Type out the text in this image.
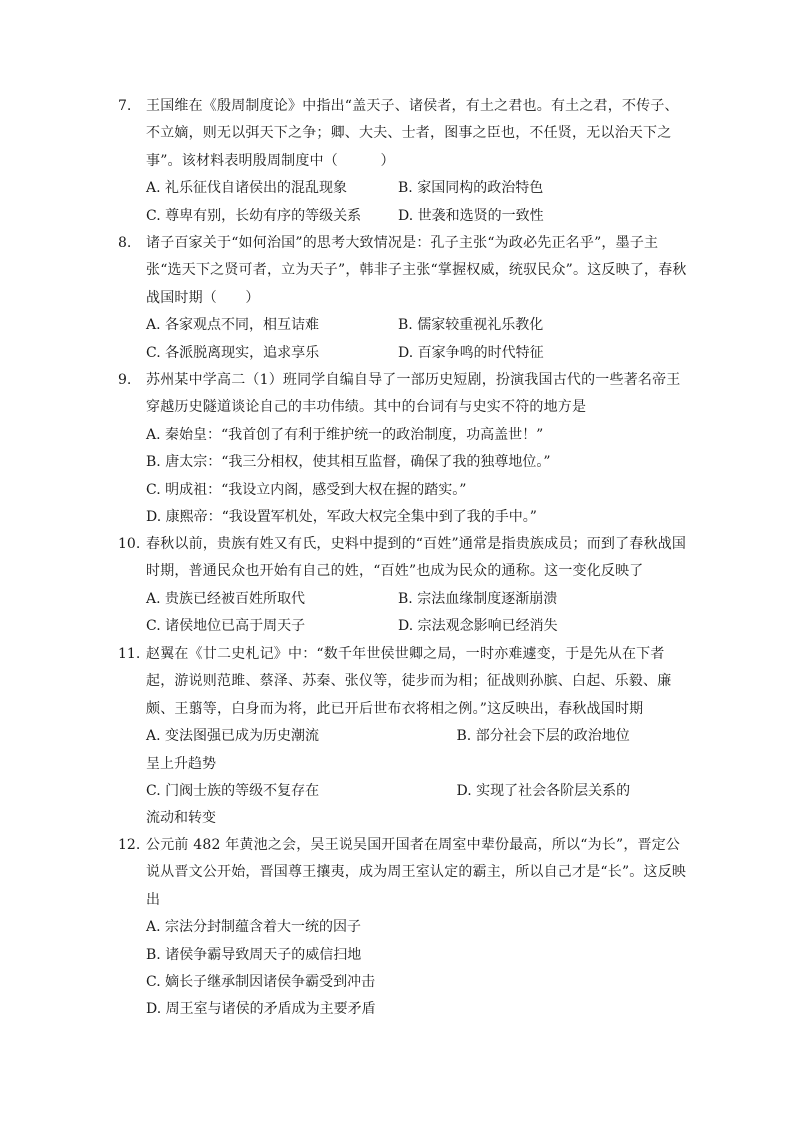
7. 王国维在《殷周制度论》中指出“盖天子、诸侯者，有土之君也。有土之君，不传子、不立嫡，则无以弭天下之争；卿、大夫、士者，图事之臣也，不任贤，无以治天下之事”。该材料表明殷周制度中（　　　）
A. 礼乐征伐自诸侯出的混乱现象	B. 家国同构的政治特色
C. 尊卑有别，长幼有序的等级关系	D. 世袭和选贤的一致性
8. 诸子百家关于“如何治国”的思考大致情况是：孔子主张“为政必先正名乎”，墨子主张“选天下之贤可者，立为天子”，韩非子主张“掌握权威，统驭民众”。这反映了，春秋战国时期（　　）
A. 各家观点不同，相互诘难	B. 儒家较重视礼乐教化
C. 各派脱离现实，追求享乐	D. 百家争鸣的时代特征
9. 苏州某中学高二（1）班同学自编自导了一部历史短剧，扮演我国古代的一些著名帝王穿越历史隧道谈论自己的丰功伟绩。其中的台词有与史实不符的地方是
A. 秦始皇：“我首创了有利于维护统一的政治制度，功高盖世！”
B. 唐太宗：“我三分相权，使其相互监督，确保了我的独尊地位。”
C. 明成祖：“我设立内阁，感受到大权在握的踏实。”
D. 康熙帝：“我设置军机处，军政大权完全集中到了我的手中。”
10. 春秋以前，贵族有姓又有氏，史料中提到的“百姓”通常是指贵族成员；而到了春秋战国时期，普通民众也开始有自己的姓，“百姓”也成为民众的通称。这一变化反映了
A. 贵族已经被百姓所取代	B. 宗法血缘制度逐渐崩溃
C. 诸侯地位已高于周天子	D. 宗法观念影响已经消失
11. 赵翼在《廿二史札记》中：“数千年世侯世卿之局，一时亦难遽变，于是先从在下者起，游说则范雎、蔡泽、苏秦、张仪等，徒步而为相；征战则孙膑、白起、乐毅、廉颇、王翦等，白身而为将，此已开后世布衣将相之例。”这反映出，春秋战国时期
A. 变法图强已成为历史潮流	B. 部分社会下层的政治地位
呈上升趋势
C. 门阀士族的等级不复存在	D. 实现了社会各阶层关系的
流动和转变
12. 公元前 482 年黄池之会，吴王说吴国开国者在周室中辈份最高，所以“为长”，晋定公说从晋文公开始，晋国尊王攘夷，成为周王室认定的霸主，所以自己才是“长”。这反映出
A. 宗法分封制蕴含着大一统的因子
B. 诸侯争霸导致周天子的威信扫地
C. 嫡长子继承制因诸侯争霸受到冲击
D. 周王室与诸侯的矛盾成为主要矛盾
